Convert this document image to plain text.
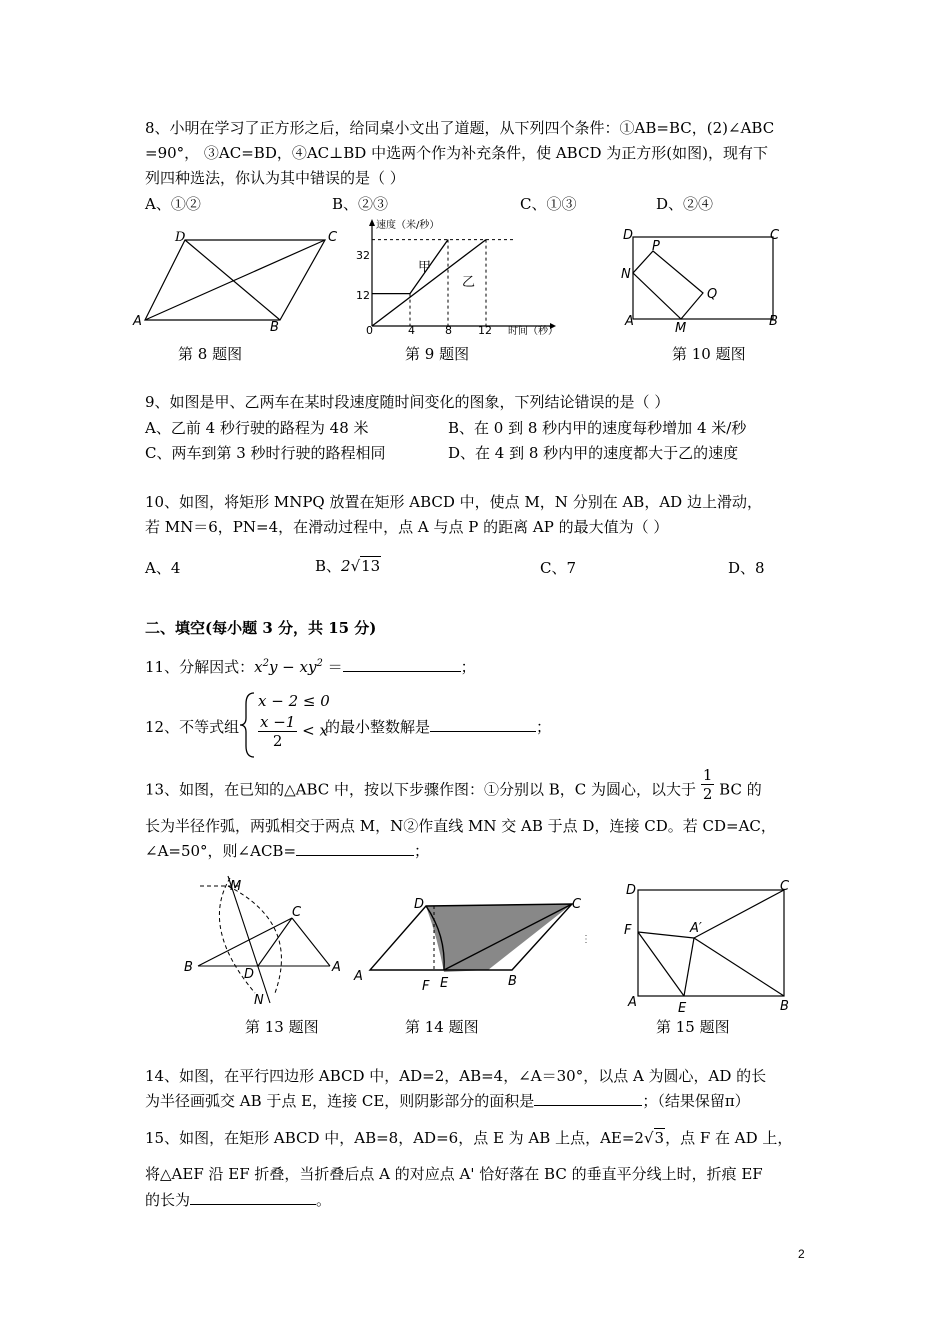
8、小明在学习了正方形之后，给同桌小文出了道题，从下列四个条件：①AB=BC，(2)∠ABC
=90°， ③AC=BD，④AC⊥BD 中选两个作为补充条件，使 ABCD 为正方形(如图)，现有下
列四种选法，你认为其中错误的是（ ）
A、①②	B、②③	C、①③	D、②④
D	C
A	B
第 8 题图
速度（米/秒）
时间（秒）
32
12
0	4	8 12
甲
乙
第 9 题图
D	C
P
N
Q
A	M	B
第 10 题图
9、如图是甲、乙两车在某时段速度随时间变化的图象，下列结论错误的是（ ）
A、乙前 4 秒行驶的路程为 48 米	B、在 0 到 8 秒内甲的速度每秒增加 4 米/秒
C、两车到第 3 秒时行驶的路程相同	D、在 4 到 8 秒内甲的速度都大于乙的速度
10、如图，将矩形 MNPQ 放置在矩形 ABCD 中，使点 M，N 分别在 AB，AD 边上滑动，
若 MN＝6，PN=4，在滑动过程中，点 A 与点 P 的距离 AP 的最大值为（ ）
A、4	B、2√13	C、7	D、8
二、填空(每小题 3 分，共 15 分)
11、分解因式：$x^2y - xy^2$ ＝	；
12、不等式组
x − 2 ≤ 0
$\frac{x -1}{2} < x$
的最小整数解是	；
13、如图，在已知的△ABC 中，按以下步骤作图：①分别以 B，C 为圆心，以大于 $\frac{1}{2}$ BC 的
长为半径作弧，两弧相交于两点 M，N②作直线 MN 交 AB 于点 D，连接 CD。若 CD=AC，
∠A=50°，则∠ACB=	；
M
C
B	D	A
N
第 13 题图
D	C
A
F E	B
第 14 题图
⋮
D	C
F	A′
A	E	B
第 15 题图
14、如图，在平行四边形 ABCD 中，AD=2，AB=4，∠A＝30°，以点 A 为圆心，AD 的长
为半径画弧交 AB 于点 E，连接 CE，则阴影部分的面积是	；（结果保留π）
15、如图，在矩形 ABCD 中，AB=8，AD=6，点 E 为 AB 上点，AE=2√3，点 F 在 AD 上，
将△AEF 沿 EF 折叠，当折叠后点 A 的对应点 A' 恰好落在 BC 的垂直平分线上时，折痕 EF
的长为	。
2
